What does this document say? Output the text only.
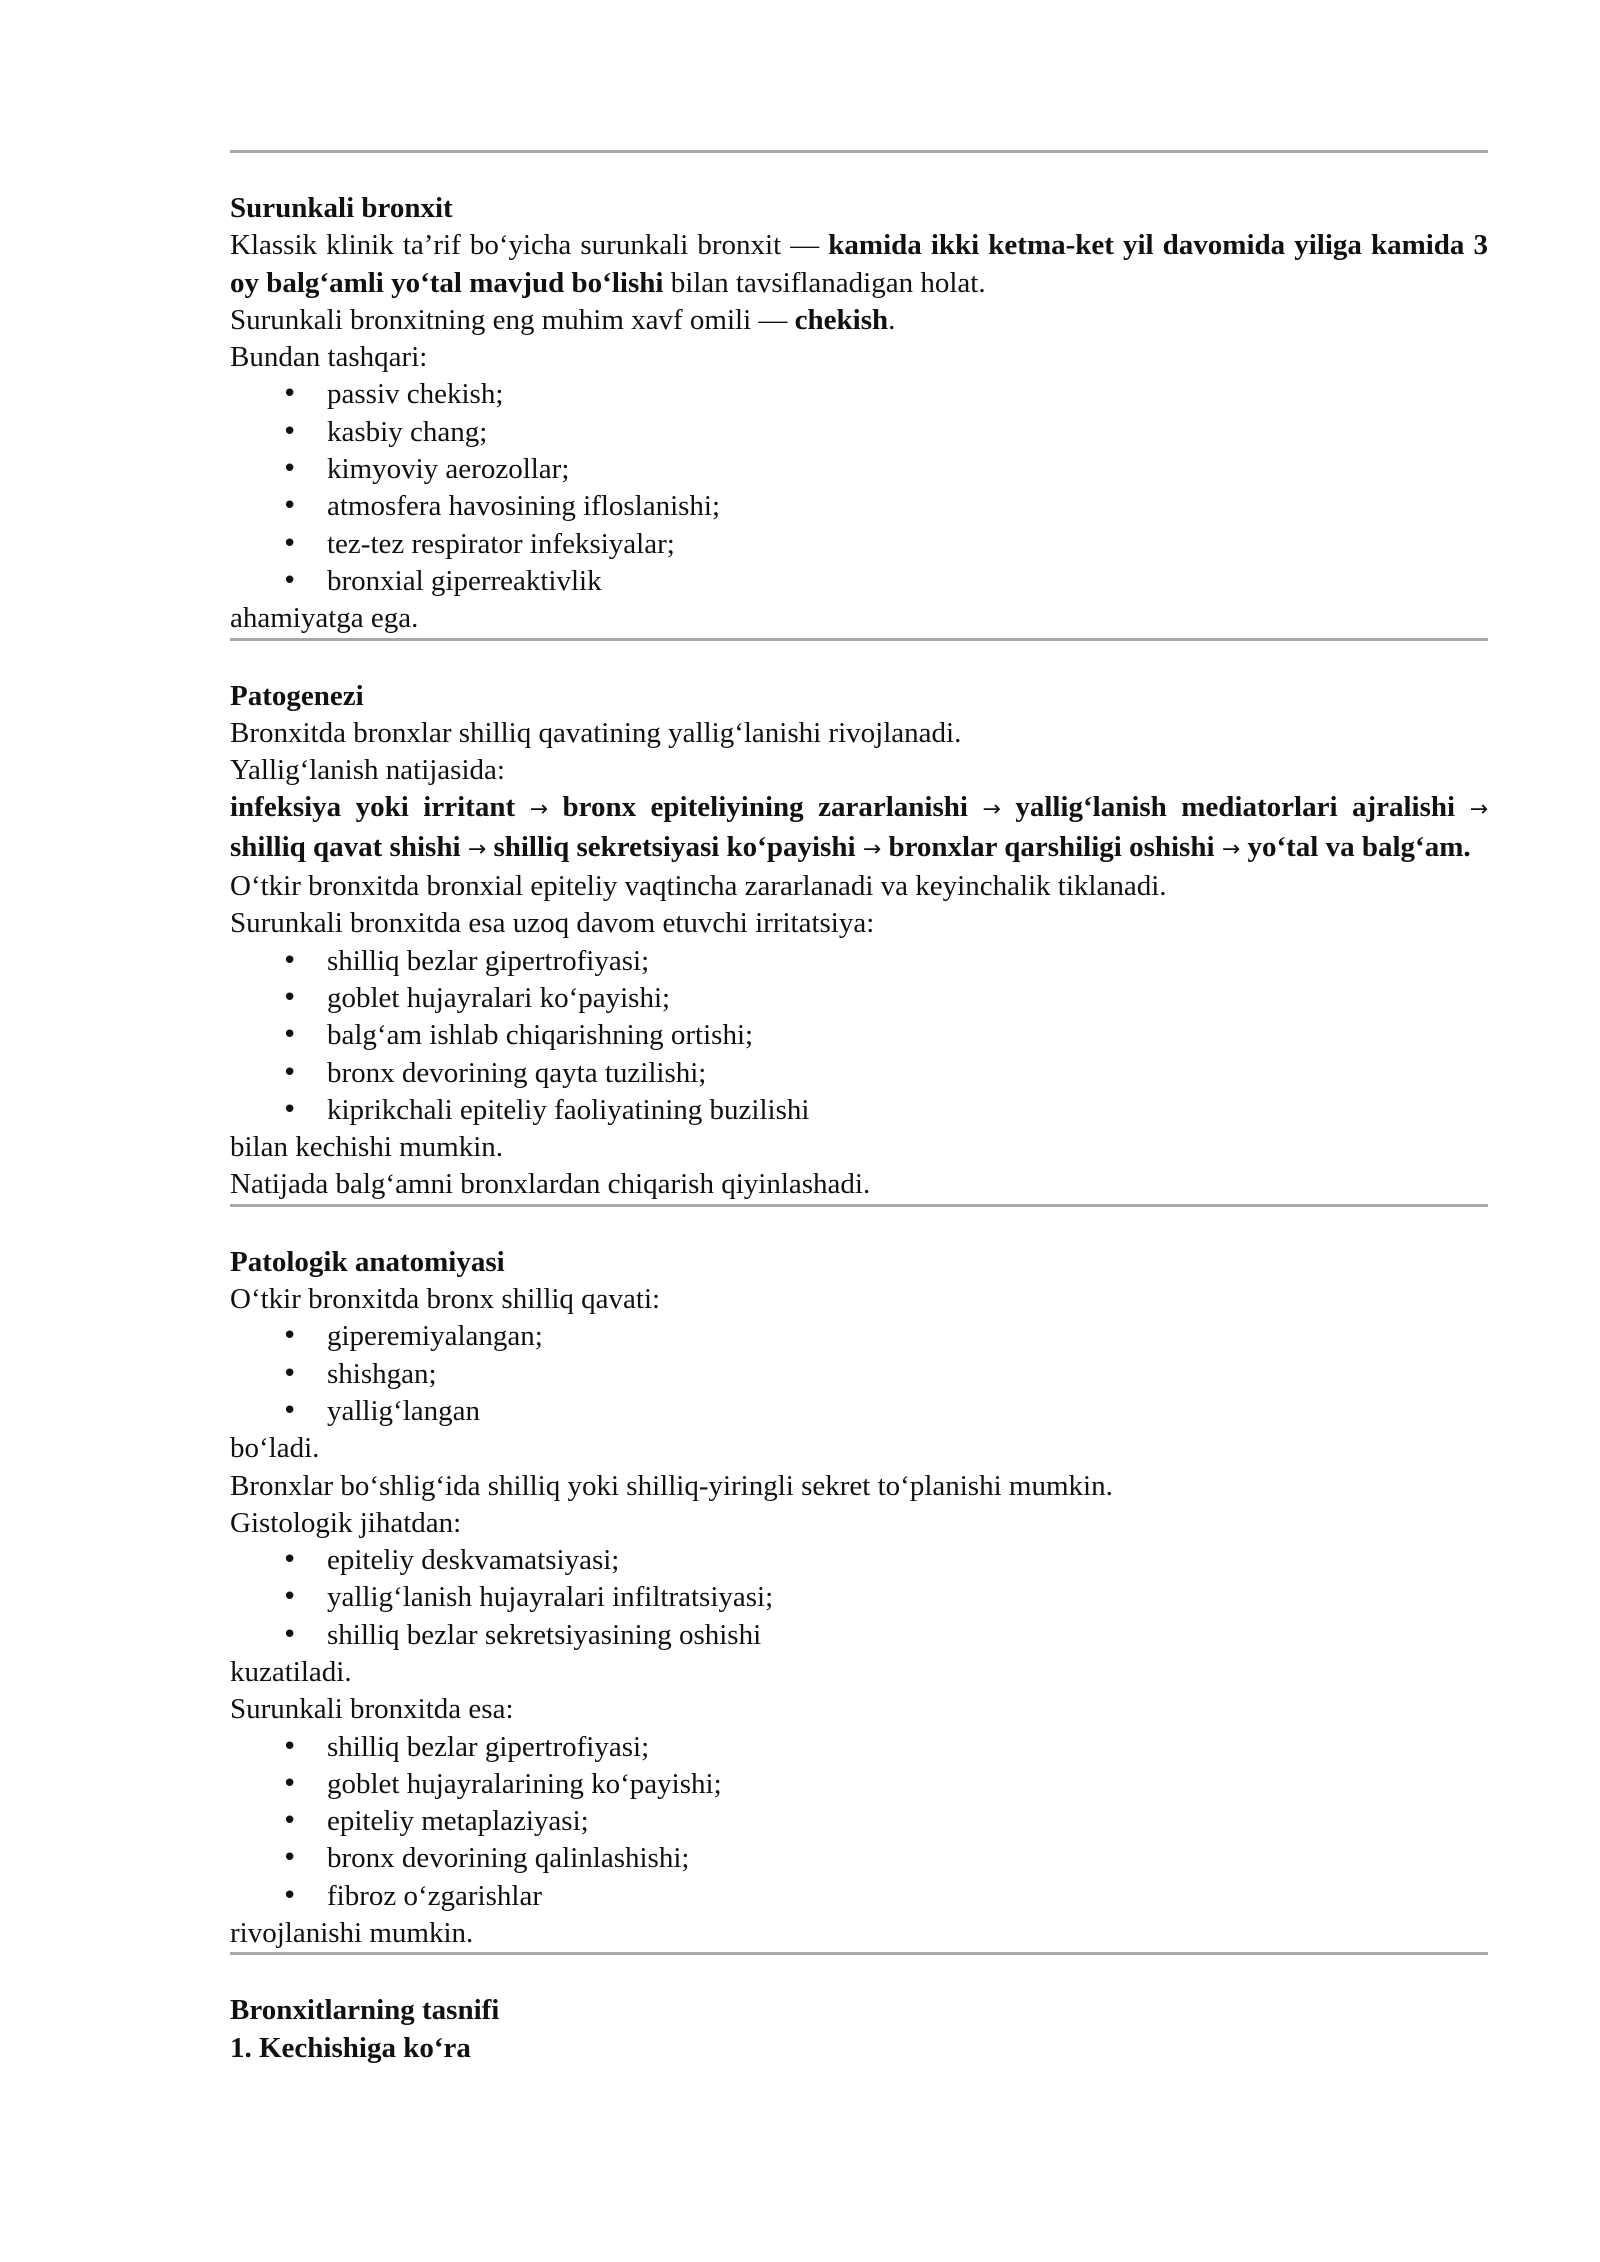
Surunkali bronxit

Klassik klinik ta’rif bo‘yicha surunkali bronxit — kamida ikki ketma-ket yil davomida yiliga kamida 3 oy balg‘amli yo‘tal mavjud bo‘lishi bilan tavsiflanadigan holat.

Surunkali bronxitning eng muhim xavf omili — chekish.

Bundan tashqari:

• passiv chekish;
• kasbiy chang;
• kimyoviy aerozollar;
• atmosfera havosining ifloslanishi;
• tez-tez respirator infeksiyalar;
• bronxial giperreaktivlik

ahamiyatga ega.

Patogenezi

Bronxitda bronxlar shilliq qavatining yallig‘lanishi rivojlanadi.

Yallig‘lanish natijasida:

infeksiya yoki irritant → bronx epiteliyining zararlanishi → yallig‘lanish mediatorlari ajralishi → shilliq qavat shishi → shilliq sekretsiyasi ko‘payishi → bronxlar qarshiligi oshishi → yo‘tal va balg‘am.

O‘tkir bronxitda bronxial epiteliy vaqtincha zararlanadi va keyinchalik tiklanadi.

Surunkali bronxitda esa uzoq davom etuvchi irritatsiya:

• shilliq bezlar gipertrofiyasi;
• goblet hujayralari ko‘payishi;
• balg‘am ishlab chiqarishning ortishi;
• bronx devorining qayta tuzilishi;
• kiprikchali epiteliy faoliyatining buzilishi

bilan kechishi mumkin.

Natijada balg‘amni bronxlardan chiqarish qiyinlashadi.

Patologik anatomiyasi

O‘tkir bronxitda bronx shilliq qavati:

• giperemiyalangan;
• shishgan;
• yallig‘langan

bo‘ladi.

Bronxlar bo‘shlig‘ida shilliq yoki shilliq-yiringli sekret to‘planishi mumkin.

Gistologik jihatdan:

• epiteliy deskvamatsiyasi;
• yallig‘lanish hujayralari infiltratsiyasi;
• shilliq bezlar sekretsiyasining oshishi

kuzatiladi.

Surunkali bronxitda esa:

• shilliq bezlar gipertrofiyasi;
• goblet hujayralarining ko‘payishi;
• epiteliy metaplaziyasi;
• bronx devorining qalinlashishi;
• fibroz o‘zgarishlar

rivojlanishi mumkin.

Bronxitlarning tasnifi
1. Kechishiga ko‘ra
